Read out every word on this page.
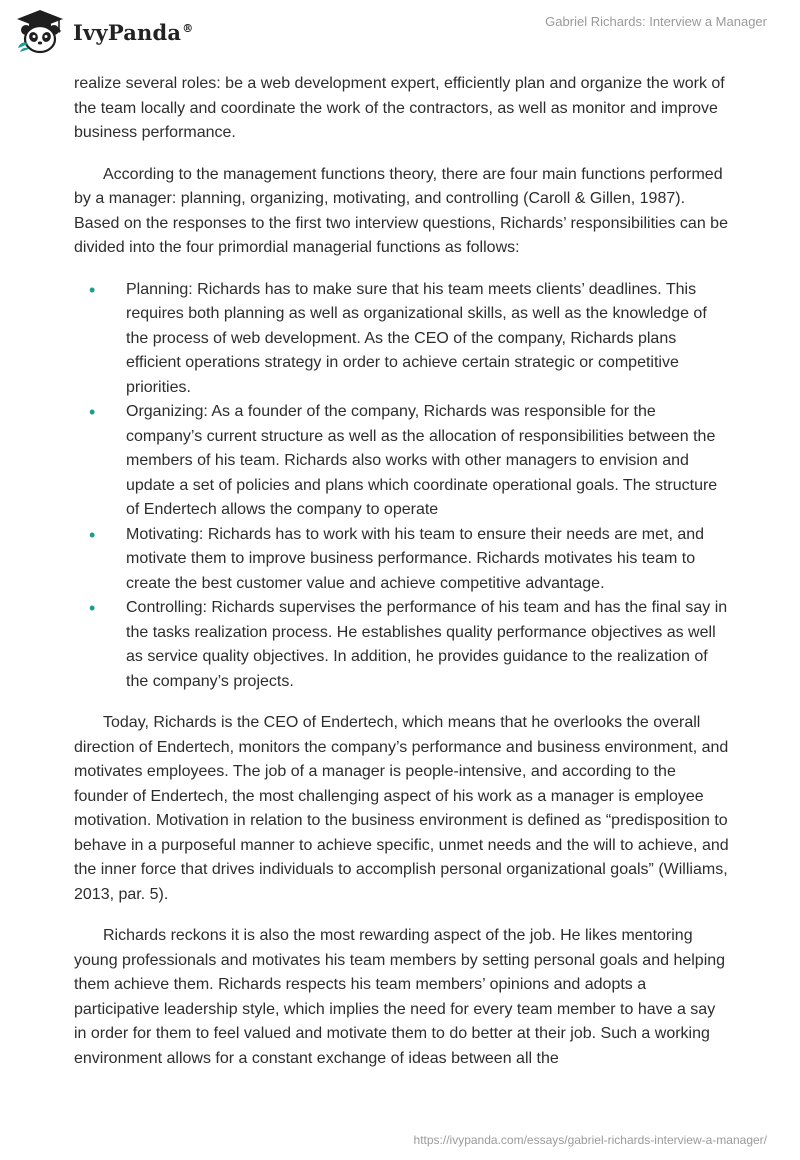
IvyPanda®	Gabriel Richards: Interview a Manager

realize several roles: be a web development expert, efficiently plan and organize the work of the team locally and coordinate the work of the contractors, as well as monitor and improve business performance.

According to the management functions theory, there are four main functions performed by a manager: planning, organizing, motivating, and controlling (Caroll & Gillen, 1987). Based on the responses to the first two interview questions, Richards’ responsibilities can be divided into the four primordial managerial functions as follows:

• Planning: Richards has to make sure that his team meets clients’ deadlines. This requires both planning as well as organizational skills, as well as the knowledge of the process of web development. As the CEO of the company, Richards plans efficient operations strategy in order to achieve certain strategic or competitive priorities.
• Organizing: As a founder of the company, Richards was responsible for the company’s current structure as well as the allocation of responsibilities between the members of his team. Richards also works with other managers to envision and update a set of policies and plans which coordinate operational goals. The structure of Endertech allows the company to operate
• Motivating: Richards has to work with his team to ensure their needs are met, and motivate them to improve business performance. Richards motivates his team to create the best customer value and achieve competitive advantage.
• Controlling: Richards supervises the performance of his team and has the final say in the tasks realization process. He establishes quality performance objectives as well as service quality objectives. In addition, he provides guidance to the realization of the company’s projects.

Today, Richards is the CEO of Endertech, which means that he overlooks the overall direction of Endertech, monitors the company’s performance and business environment, and motivates employees. The job of a manager is people-intensive, and according to the founder of Endertech, the most challenging aspect of his work as a manager is employee motivation. Motivation in relation to the business environment is defined as “predisposition to behave in a purposeful manner to achieve specific, unmet needs and the will to achieve, and the inner force that drives individuals to accomplish personal organizational goals” (Williams, 2013, par. 5).

Richards reckons it is also the most rewarding aspect of the job. He likes mentoring young professionals and motivates his team members by setting personal goals and helping them achieve them. Richards respects his team members’ opinions and adopts a participative leadership style, which implies the need for every team member to have a say in order for them to feel valued and motivate them to do better at their job. Such a working environment allows for a constant exchange of ideas between all the

https://ivypanda.com/essays/gabriel-richards-interview-a-manager/
